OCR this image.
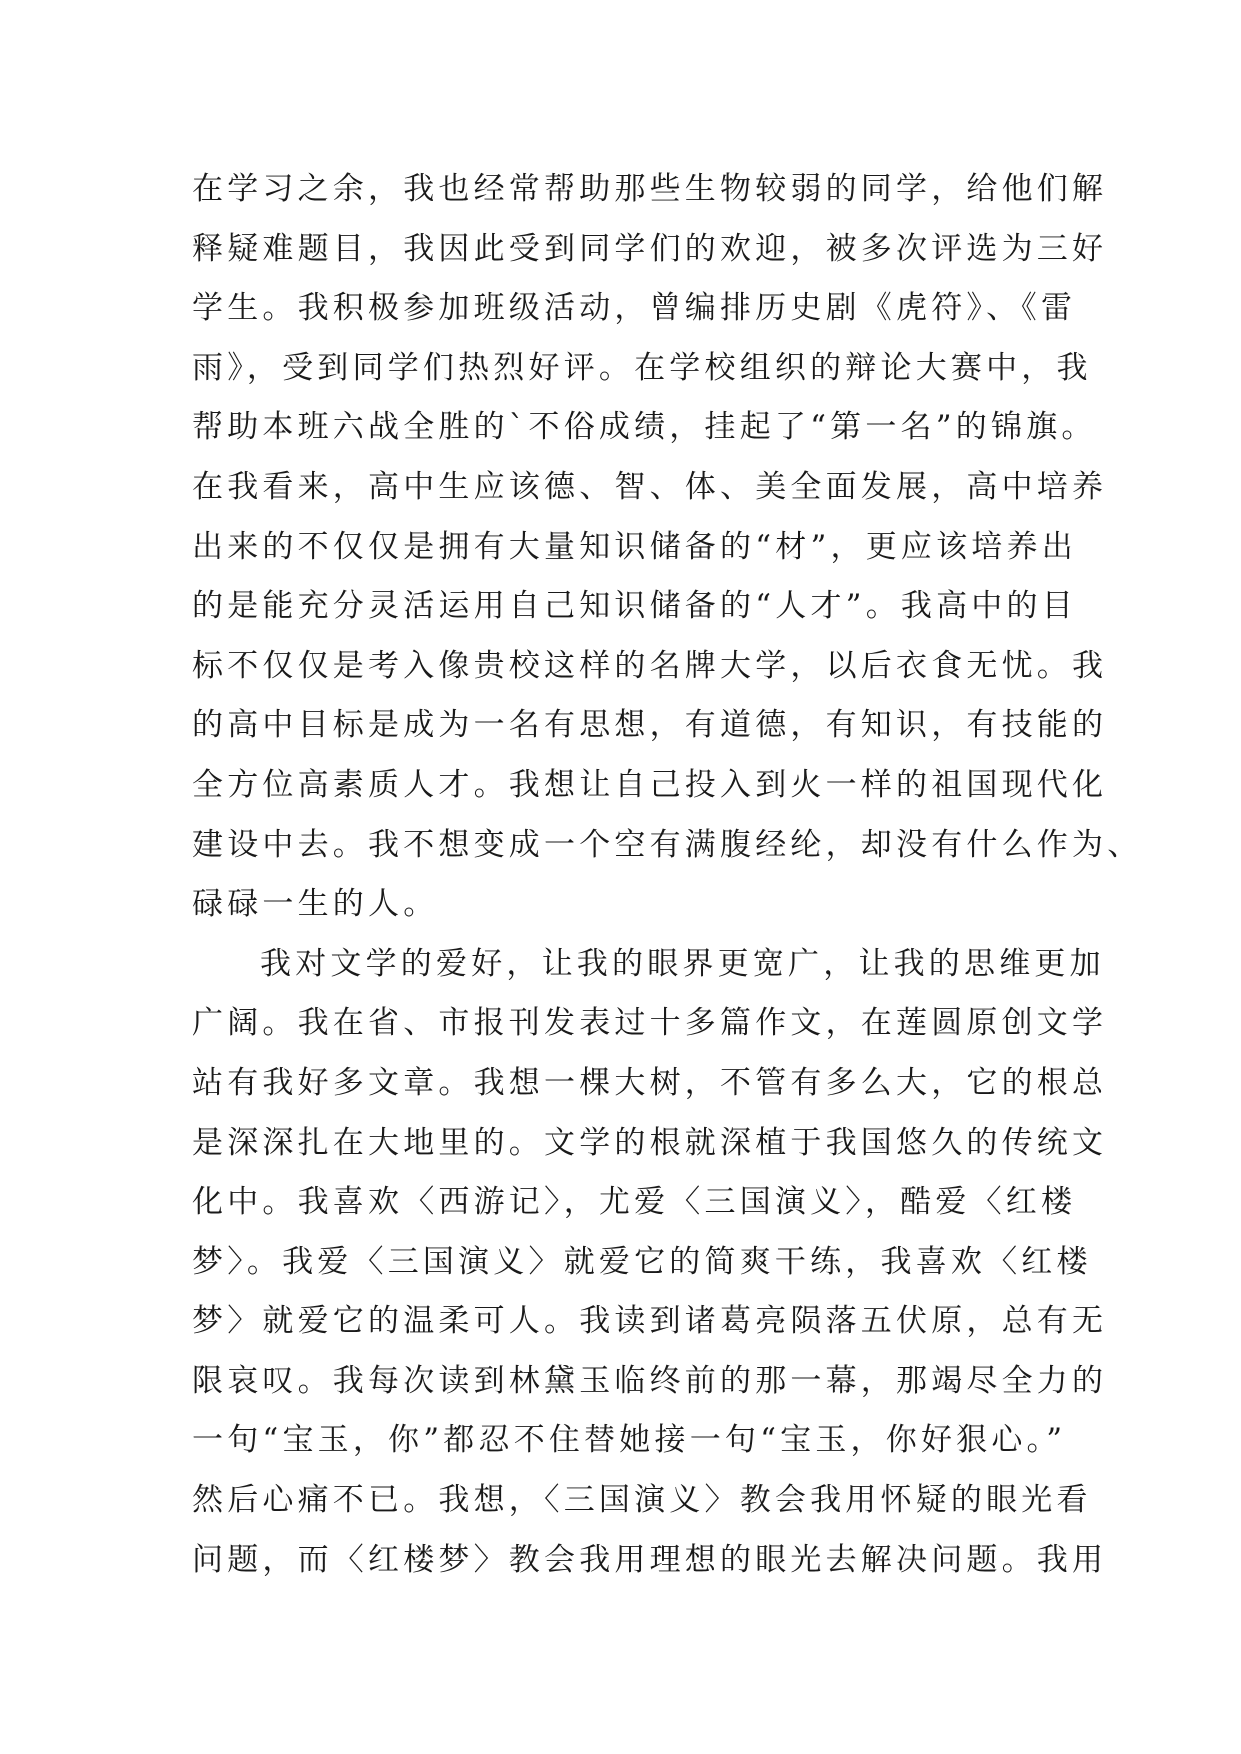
在学习之余，我也经常帮助那些生物较弱的同学，给他们解
释疑难题目，我因此受到同学们的欢迎，被多次评选为三好
学生。我积极参加班级活动，曾编排历史剧《虎符》、《雷
雨》，受到同学们热烈好评。在学校组织的辩论大赛中，我
帮助本班六战全胜的`不俗成绩，挂起了“第一名”的锦旗。
在我看来，高中生应该德、智、体、美全面发展，高中培养
出来的不仅仅是拥有大量知识储备的“材”，更应该培养出
的是能充分灵活运用自己知识储备的“人才”。我高中的目
标不仅仅是考入像贵校这样的名牌大学，以后衣食无忧。我
的高中目标是成为一名有思想，有道德，有知识，有技能的
全方位高素质人才。我想让自己投入到火一样的祖国现代化
建设中去。我不想变成一个空有满腹经纶，却没有什么作为、
碌碌一生的人。
我对文学的爱好，让我的眼界更宽广，让我的思维更加
广阔。我在省、市报刊发表过十多篇作文，在莲圆原创文学
站有我好多文章。我想一棵大树，不管有多么大，它的根总
是深深扎在大地里的。文学的根就深植于我国悠久的传统文
化中。我喜欢〈西游记〉，尤爱〈三国演义〉，酷爱〈红楼
梦〉。我爱〈三国演义〉就爱它的简爽干练，我喜欢〈红楼
梦〉就爱它的温柔可人。我读到诸葛亮陨落五伏原，总有无
限哀叹。我每次读到林黛玉临终前的那一幕，那竭尽全力的
一句“宝玉，你”都忍不住替她接一句“宝玉，你好狠心。”
然后心痛不已。我想，〈三国演义〉教会我用怀疑的眼光看
问题，而〈红楼梦〉教会我用理想的眼光去解决问题。我用
